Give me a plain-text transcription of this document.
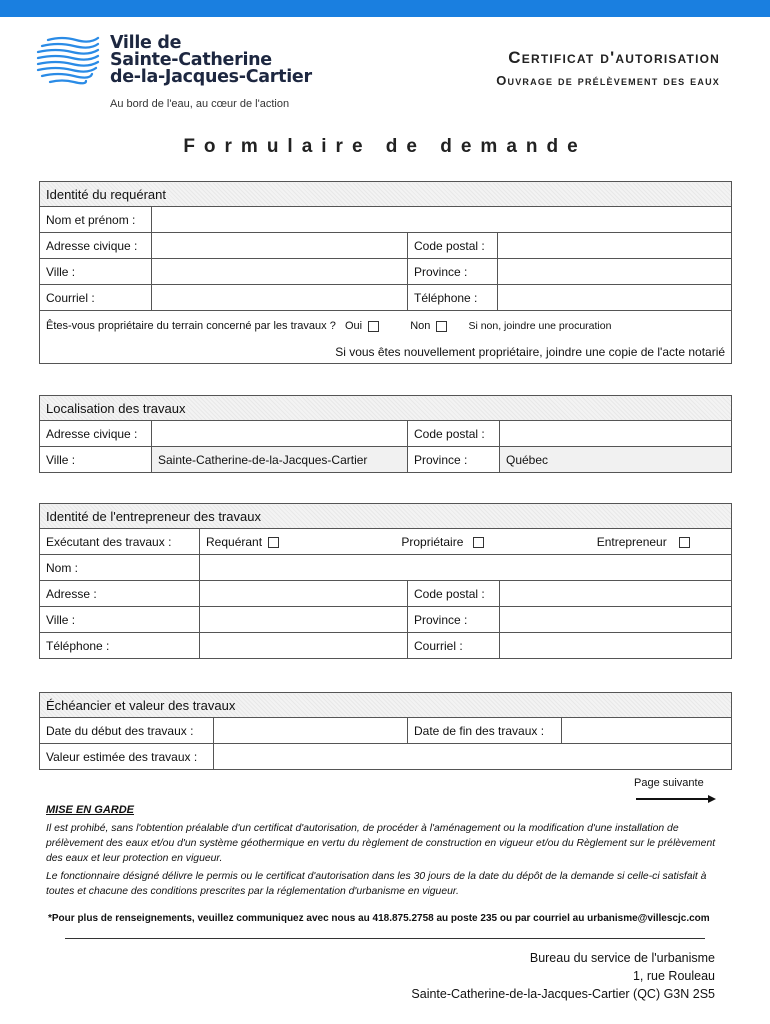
Ville de
Sainte-Catherine
de-la-Jacques-Cartier
Au bord de l'eau, au cœur de l'action
Certificat d'autorisation
Ouvrage de prélèvement des eaux
Formulaire de demande
Identité du requérant			
Nom et prénom :			
Adresse civique :		Code postal :	
Ville :		Province :	
Courriel :		Téléphone :	
Êtes-vous propriétaire du terrain concerné par les travaux ? Oui Non Si non, joindre une procuration			
Si vous êtes nouvellement propriétaire, joindre une copie de l'acte notarié			
Localisation des travaux			
Adresse civique :		Code postal :	
Ville :	Sainte-Catherine-de-la-Jacques-Cartier	Province :	Québec
Identité de l'entrepreneur des travaux			
Exécutant des travaux :	Requérant Propriétaire Entrepreneur		
Nom :			
Adresse :		Code postal :	
Ville :		Province :	
Téléphone :		Courriel :	
Échéancier et valeur des travaux			
Date du début des travaux :		Date de fin des travaux :	
Valeur estimée des travaux :			
Page suivante
MISE EN GARDE
Il est prohibé, sans l'obtention préalable d'un certificat d'autorisation, de procéder à l'aménagement ou la modification d'une installation de prélèvement des eaux et/ou d'un système géothermique en vertu du règlement de construction en vigueur et/ou du Règlement sur le prélèvement des eaux et leur protection en vigueur.
Le fonctionnaire désigné délivre le permis ou le certificat d'autorisation dans les 30 jours de la date du dépôt de la demande si celle-ci satisfait à toutes et chacune des conditions prescrites par la réglementation d'urbanisme en vigueur.
*Pour plus de renseignements, veuillez communiquez avec nous au 418.875.2758 au poste 235 ou par courriel au urbanisme@villescjc.com
Bureau du service de l'urbanisme
1, rue Rouleau
Sainte-Catherine-de-la-Jacques-Cartier (QC) G3N 2S5
